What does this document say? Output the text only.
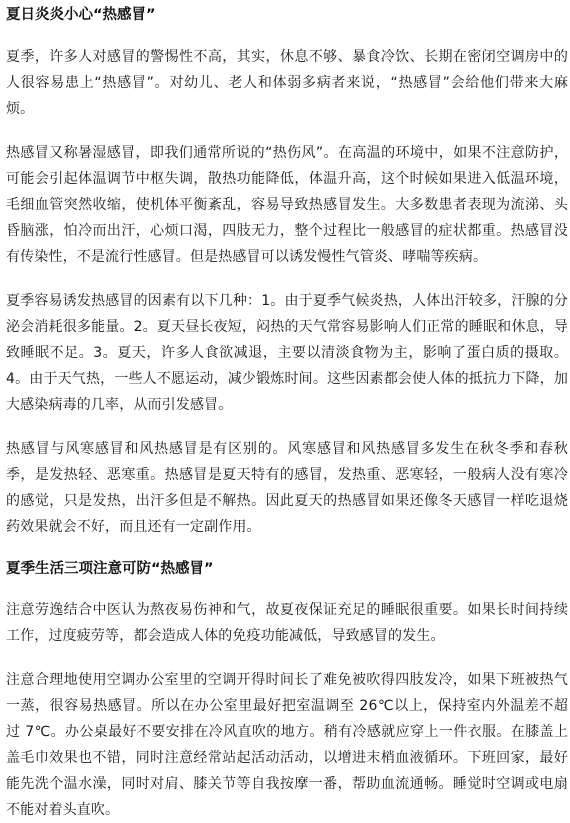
夏日炎炎小心“热感冒”

夏季，许多人对感冒的警惕性不高，其实，休息不够、暴食冷饮、长期在密闭空调房中的人很容易患上“热感冒”。对幼儿、老人和体弱多病者来说，“热感冒”会给他们带来大麻烦。

热感冒又称暑湿感冒，即我们通常所说的“热伤风”。在高温的环境中，如果不注意防护，可能会引起体温调节中枢失调，散热功能降低，体温升高，这个时候如果进入低温环境，毛细血管突然收缩，使机体平衡紊乱，容易导致热感冒发生。大多数患者表现为流涕、头昏脑涨，怕冷而出汗，心烦口渴，四肢无力，整个过程比一般感冒的症状都重。热感冒没有传染性，不是流行性感冒。但是热感冒可以诱发慢性气管炎、哮喘等疾病。

夏季容易诱发热感冒的因素有以下几种：1。由于夏季气候炎热，人体出汗较多，汗腺的分泌会消耗很多能量。2。夏天昼长夜短，闷热的天气常容易影响人们正常的睡眠和休息，导致睡眠不足。3。夏天，许多人食欲减退，主要以清淡食物为主，影响了蛋白质的摄取。4。由于天气热，一些人不愿运动，减少锻炼时间。这些因素都会使人体的抵抗力下降，加大感染病毒的几率，从而引发感冒。

热感冒与风寒感冒和风热感冒是有区别的。风寒感冒和风热感冒多发生在秋冬季和春秋季，是发热轻、恶寒重。热感冒是夏天特有的感冒，发热重、恶寒轻，一般病人没有寒冷的感觉，只是发热，出汗多但是不解热。因此夏天的热感冒如果还像冬天感冒一样吃退烧药效果就会不好，而且还有一定副作用。

夏季生活三项注意可防“热感冒”

注意劳逸结合中医认为熬夜易伤神和气，故夏夜保证充足的睡眠很重要。如果长时间持续工作，过度疲劳等，都会造成人体的免疫功能减低，导致感冒的发生。

注意合理地使用空调办公室里的空调开得时间长了难免被吹得四肢发冷，如果下班被热气一蒸，很容易热感冒。所以在办公室里最好把室温调至 26℃以上，保持室内外温差不超过 7℃。办公桌最好不要安排在冷风直吹的地方。稍有冷感就应穿上一件衣服。在膝盖上盖毛巾效果也不错，同时注意经常站起活动活动，以增进末梢血液循环。下班回家，最好能先洗个温水澡，同时对肩、膝关节等自我按摩一番，帮助血流通畅。睡觉时空调或电扇不能对着头直吹。
